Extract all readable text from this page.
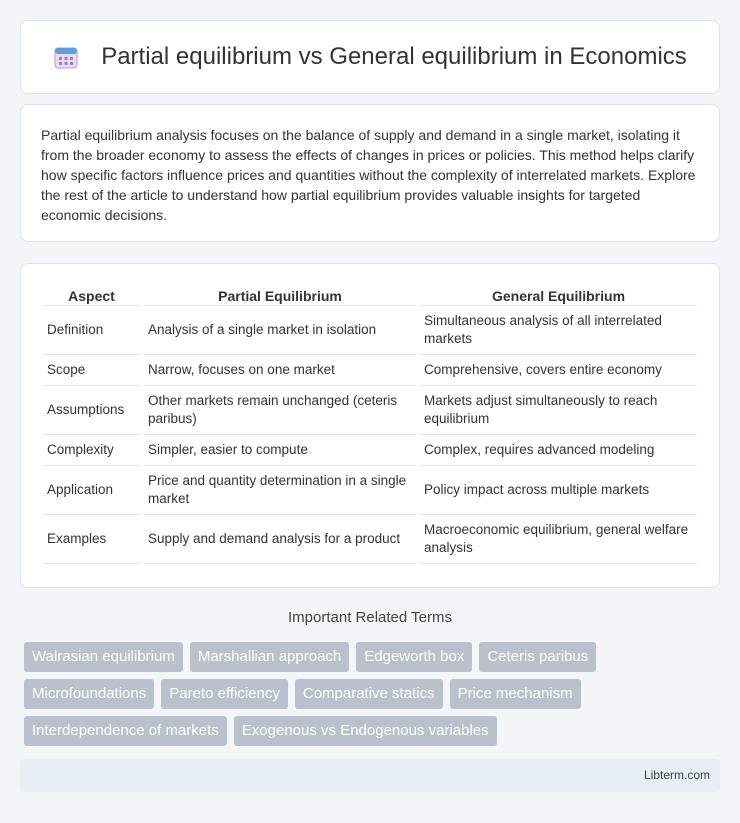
Partial equilibrium vs General equilibrium in Economics

Partial equilibrium analysis focuses on the balance of supply and demand in a single market, isolating it from the broader economy to assess the effects of changes in prices or policies. This method helps clarify how specific factors influence prices and quantities without the complexity of interrelated markets. Explore the rest of the article to understand how partial equilibrium provides valuable insights for targeted economic decisions.

Aspect	Partial Equilibrium	General Equilibrium
Definition	Analysis of a single market in isolation	Simultaneous analysis of all interrelated markets
Scope	Narrow, focuses on one market	Comprehensive, covers entire economy
Assumptions	Other markets remain unchanged (ceteris paribus)	Markets adjust simultaneously to reach equilibrium
Complexity	Simpler, easier to compute	Complex, requires advanced modeling
Application	Price and quantity determination in a single market	Policy impact across multiple markets
Examples	Supply and demand analysis for a product	Macroeconomic equilibrium, general welfare analysis
Important Related Terms
Walrasian equilibrium	Marshallian approach	Edgeworth box	Ceteris paribus
Microfoundations	Pareto efficiency	Comparative statics	Price mechanism
Interdependence of markets	Exogenous vs Endogenous variables
Libterm.com
